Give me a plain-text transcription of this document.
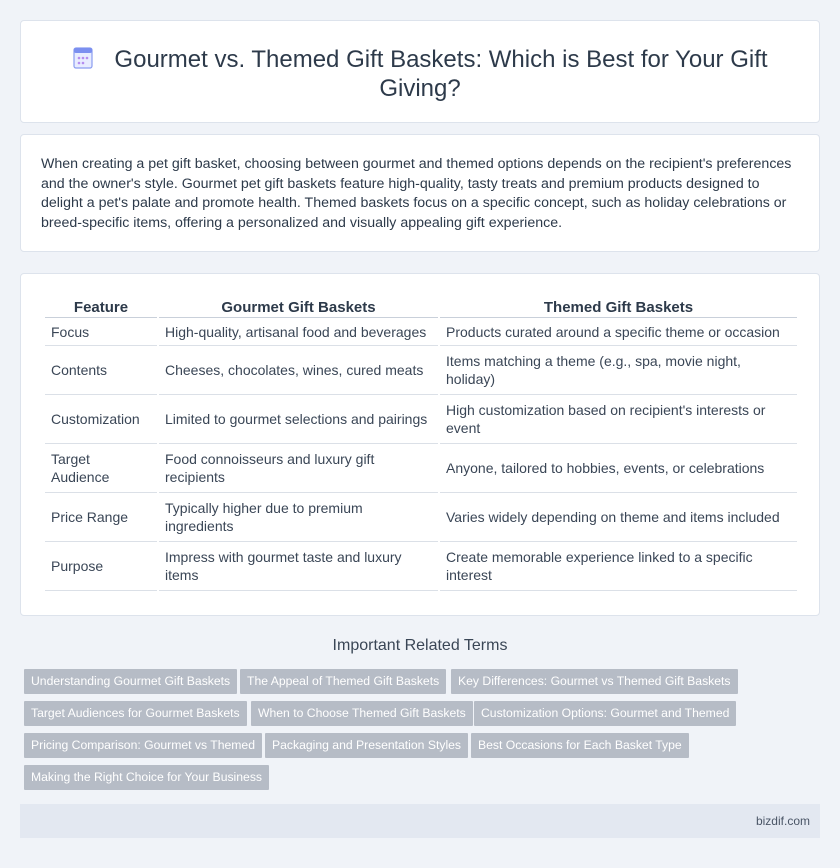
Gourmet vs. Themed Gift Baskets: Which is Best for Your Gift Giving?

When creating a pet gift basket, choosing between gourmet and themed options depends on the recipient's preferences and the owner's style. Gourmet pet gift baskets feature high-quality, tasty treats and premium products designed to delight a pet's palate and promote health. Themed baskets focus on a specific concept, such as holiday celebrations or breed-specific items, offering a personalized and visually appealing gift experience.

Feature	Gourmet Gift Baskets	Themed Gift Baskets
Focus	High-quality, artisanal food and beverages	Products curated around a specific theme or occasion
Contents	Cheeses, chocolates, wines, cured meats	Items matching a theme (e.g., spa, movie night, holiday)
Customization	Limited to gourmet selections and pairings	High customization based on recipient's interests or event
Target Audience	Food connoisseurs and luxury gift recipients	Anyone, tailored to hobbies, events, or celebrations
Price Range	Typically higher due to premium ingredients	Varies widely depending on theme and items included
Purpose	Impress with gourmet taste and luxury items	Create memorable experience linked to a specific interest
Important Related Terms
Understanding Gourmet Gift Baskets	The Appeal of Themed Gift Baskets	Key Differences: Gourmet vs Themed Gift Baskets
Target Audiences for Gourmet Baskets	When to Choose Themed Gift Baskets	Customization Options: Gourmet and Themed
Pricing Comparison: Gourmet vs Themed	Packaging and Presentation Styles	Best Occasions for Each Basket Type
Making the Right Choice for Your Business
bizdif.com
